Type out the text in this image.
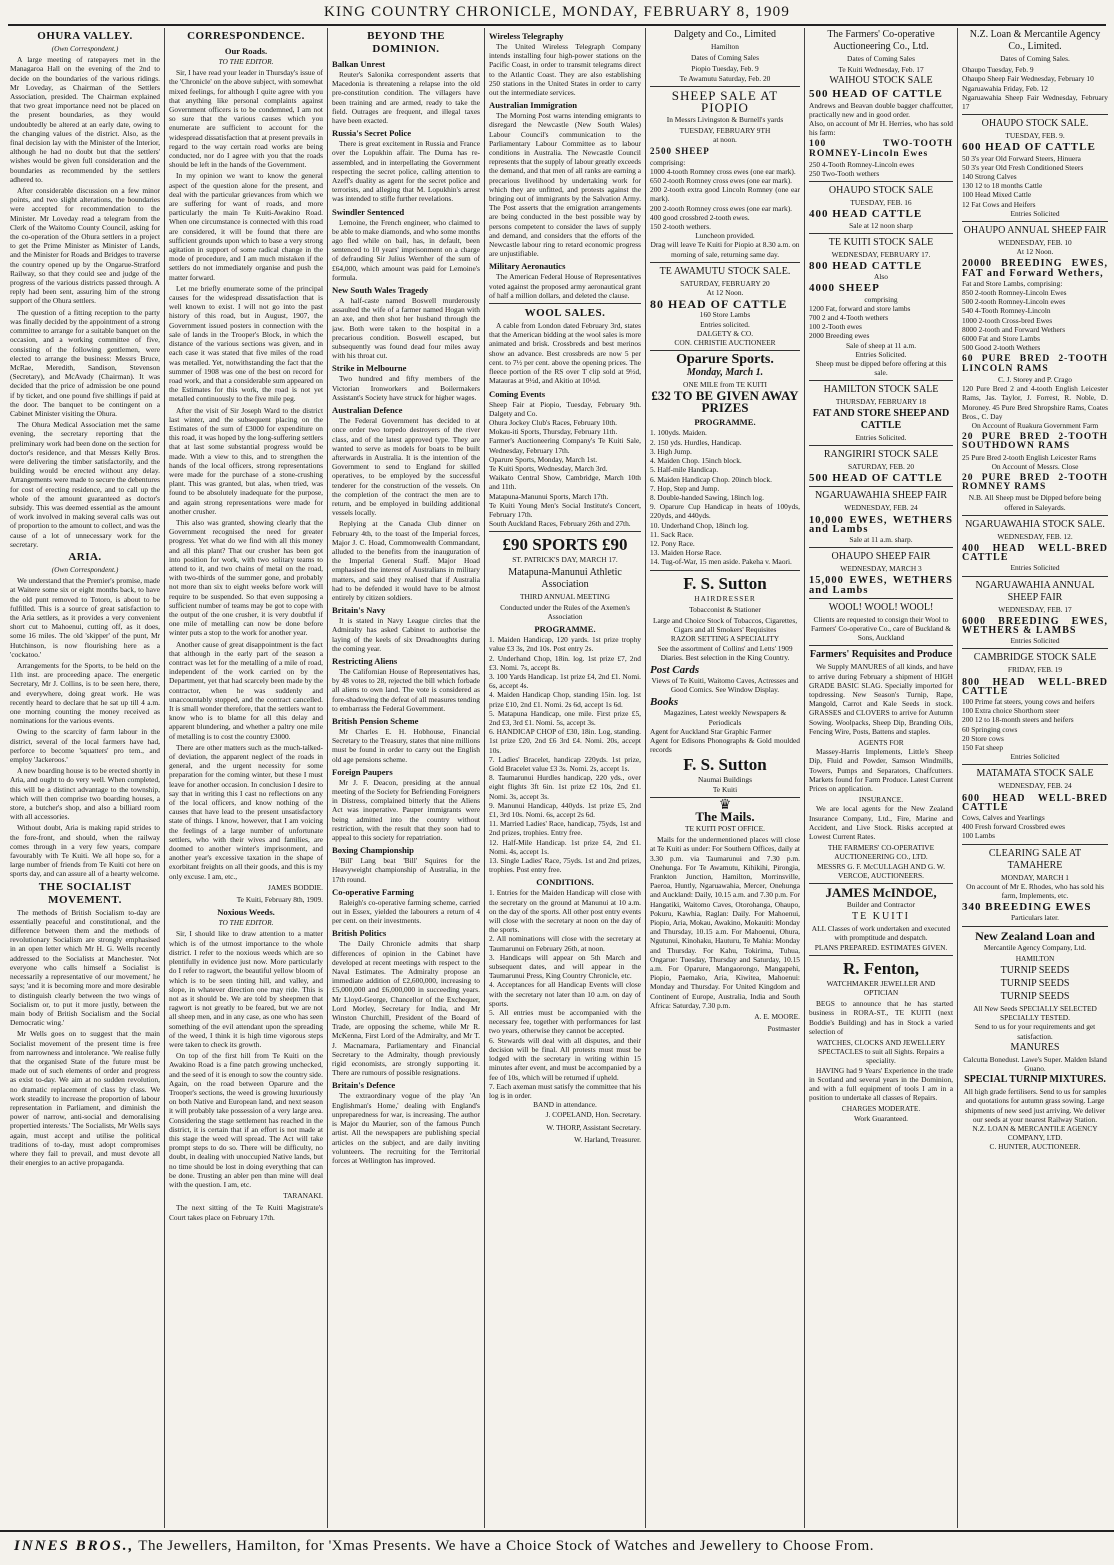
KING COUNTRY CHRONICLE, MONDAY, FEBRUARY 8, 1909
OHURA VALLEY.
(Own Correspondent.)

A large meeting of ratepayers met in the Managaroa Hall on the evening of the 2nd to decide on the boundaries of the various ridings. Mr Loveday, as Chairman of the Settlers Association, presided. The Chairman explained that two great importance need not be placed on the present boundaries, as they would undoubtedly be altered at an early date, owing to the changing values of the district. Also, as the final decision lay with the Minister of the Interior, although he had no doubt but that the settlers' wishes would be given full consideration and the boundaries as recommended by the settlers adhered to.

After considerable discussion on a few minor points, and two slight alterations, the boundaries were accepted for recommendation to the Minister. Mr Loveday read a telegram from the Clerk of the Waitomo County Council, asking for the co-operation of the Ohura settlers in a project to get the Prime Minister as Minister of Lands, and the Minister for Roads and Bridges to traverse the country opened up by the Ongarue-Stratford Railway, so that they could see and judge of the progress of the various districts passed through. A reply had been sent, assuring him of the strong support of the Ohura settlers.

The question of a fitting reception to the party was finally decided by the appointment of a strong committee to arrange for a suitable banquet on the occasion, and a working committee of five, consisting of the following gentlemen, were elected to arrange the business: Messrs Bruce, McRae, Meredith, Sandison, Stevenson (Secretary), and McAvady (Chairman). It was decided that the price of admission be one pound if by ticket, and one pound five shillings if paid at the door. The banquet to be contingent on a Cabinet Minister visiting the Ohura.

The Ohura Medical Association met the same evening, the secretary reporting that the preliminary work had been done on the section for doctor's residence, and that Messrs Kelly Bros. were delivering the timber satisfactorily, and the building would be erected without any delay. Arrangements were made to secure the debentures for cost of erecting residence, and to call up the whole of the amount guaranteed as doctor's subsidy. This was deemed essential as the amount of work involved in making several calls was out of proportion to the amount to collect, and was the cause of a lot of unnecessary work for the secretary.

ARIA.
(Own Correspondent.)

We understand that the Premier's promise, made at Waitere some six or eight months back, to have the old punt removed to Totoro, is about to be fulfilled. This is a source of great satisfaction to the Aria settlers, as it provides a very convenient short cut to Mahoenui, cutting off, as it does, some 16 miles. The old 'skipper' of the punt, Mr Hutchinson, is now flourishing here as a 'cockatoo.'

Arrangements for the Sports, to be held on the 11th inst. are proceeding apace. The energetic Secretary, Mr J. Collins, is to be seen here, there, and everywhere, doing great work. He was recently heard to declare that he sat up till 4 a.m. one morning counting the money received as nominations for the various events.

Owing to the scarcity of farm labour in the district, several of the local farmers have had, perforce to become 'squatters' pro tem., and employ 'Jackeroos.'

A new boarding house is to be erected shortly in Aria, and ought to do very well. When completed, this will be a distinct advantage to the township, which will then comprise two boarding houses, a store, a butcher's shop, and also a billiard room with all accessories.

Without doubt, Aria is making rapid strides to the fore-front, and should, when the railway comes through in a very few years, compare favourably with Te Kuiti. We all hope so, for a large number of friends from Te Kuiti cot here on sports day, and can assure all of a hearty welcome.

THE SOCIALIST MOVEMENT.

The methods of British Socialism to-day are essentially peaceful and constitutional, and the difference between them and the methods of revolutionary Socialism are strongly emphasised in an open letter which Mr H. G. Wells recently addressed to the Socialists at Manchester. 'Not everyone who calls himself a Socialist is necessarily a representative of our movement,' he says; 'and it is becoming more and more desirable to distinguish clearly between the two wings of Socialism or, to put it more justly, between the main body of British Socialism and the Social Democratic wing.'

Mr Wells goes on to suggest that the main Socialist movement of the present time is free from narrowness and intolerance. 'We realise fully that the organised State of the future must be made out of such elements of order and progress as exist to-day. We aim at no sudden revolution, no dramatic replacement of class by class. We work steadily to increase the proportion of labour representation in Parliament, and diminish the power of narrow, anti-social and demoralising propertied interests.' The Socialists, Mr Wells says again, must accept and utilise the political traditions of to-day, must adopt compromises where they fail to prevail, and must devote all their energies to an active propaganda.

CORRESPONDENCE.
Our Roads.
TO THE EDITOR.

Sir, I have read your leader in Thursday's issue of the 'Chronicle' on the above subject, with somewhat mixed feelings, for although I quite agree with you that anything like personal complaints against Government officers is to be condemned, I am not so sure that the various causes which you enumerate are sufficient to account for the widespread dissatisfaction that at present prevails in regard to the way certain road works are being conducted, nor do I agree with you that the roads should be left in the hands of the Government.

In my opinion we want to know the general aspect of the question alone for the present, and deal with the particular grievances from which we are suffering for want of roads, and more particularly the main Te Kuiti-Awakino Road. When one circumstance is connected with this road are considered, it will be found that there are sufficient grounds upon which to base a very strong agitation in support of some radical change in the mode of procedure, and I am much mistaken if the settlers do not immediately organise and push the matter forward.

Let me briefly enumerate some of the principal causes for the widespread dissatisfaction that is well known to exist. I will not go into the past history of this road, but in August, 1907, the Government issued posters in connection with the sale of lands in the Trooper's Block, in which the distance of the various sections was given, and in each case it was stated that five miles of the road was metalled. Yet, notwithstanding the fact that the summer of 1908 was one of the best on record for road work, and that a considerable sum appeared on the Estimates for this work, the road is not yet metalled continuously to the five mile peg.

After the visit of Sir Joseph Ward to the district last winter, and the subsequent placing on the Estimates of the sum of £3000 for expenditure on this road, it was hoped by the long-suffering settlers that at last some substantial progress would be made. With a view to this, and to strengthen the hands of the local officers, strong representations were made for the purchase of a stone-crushing plant. This was granted, but alas, when tried, was found to be absolutely inadequate for the purpose, and again strong representations were made for another crusher.

This also was granted, showing clearly that the Government recognised the need for greater progress. Yet what do we find with all this money and all this plant? That our crusher has been got into position for work, with two solitary teams to attend to it, and two chains of metal on the road, with two-thirds of the summer gone, and probably not more than six to eight weeks before work will require to be suspended. So that even supposing a sufficient number of teams may be got to cope with the output of the one crusher, it is very doubtful if one mile of metalling can now be done before winter puts a stop to the work for another year.

Another cause of great disappointment is the fact that although in the early part of the season a contract was let for the metalling of a mile of road, independent of the work carried on by the Department, yet that had scarcely been made by the contractor, when he was suddenly and unaccountably stopped, and the contract cancelled. It is small wonder therefore, that the settlers want to know who is to blame for all this delay and apparent blundering, and whether a paltry one mile of metalling is to cost the country £3000.

There are other matters such as the much-talked-of deviation, the apparent neglect of the roads in general, and the urgent necessity for some preparation for the coming winter, but these I must leave for another occasion. In conclusion I desire to say that in writing this I cast no reflections on any of the local officers, and know nothing of the causes that have lead to the present unsatisfactory state of things. I know, however, that I am voicing the feelings of a large number of unfortunate settlers, who with their wives and families, are doomed to another winter's imprisonment, and another year's excessive taxation in the shape of exorbitant freights on all their goods, and this is my only excuse. I am, etc.,

JAMES BODDIE.
Te Kuiti, February 8th, 1909.
Noxious Weeds.
TO THE EDITOR.

Sir, I should like to draw attention to a matter which is of the utmost importance to the whole district. I refer to the noxious weeds which are so plentifully in evidence just now. More particularly do I refer to ragwort, the beautiful yellow bloom of which is to be seen tinting hill, and valley, and slope, in whatever direction one may ride. This is not as it should be. We are told by sheepmen that ragwort is not greatly to be feared, but we are not all sheep men, and in any case, as one who has seen something of the evil attendant upon the spreading of the weed, I think it is high time vigorous steps were taken to check its growth.

On top of the first hill from Te Kuiti on the Awakino Road is a fine patch growing unchecked, and the seed of it is enough to sow the country side. Again, on the road between Oparure and the Trooper's sections, the weed is growing luxuriously on both Native and European land, and next season it will probably take possession of a very large area. Considering the stage settlement has reached in the district, it is certain that if an effort is not made at this stage the weed will spread. The Act will take prompt steps to do so. There will be difficulty, no doubt, in dealing with unoccupied Native lands, but no time should be lost in doing everything that can be done. Trusting an abler pen than mine will deal with the question. I am, etc.

TARANAKI.

The next sitting of the Te Kuiti Magistrate's Court takes place on February 17th.

BEYOND THE DOMINION.
Balkan Unrest

Reuter's Salonika correspondent asserts that Macedonia is threatening a relapse into the old pre-constitution condition. The villagers have been training and are armed, ready to take the field. Outrages are frequent, and illegal taxes have been exacted.

Russia's Secret Police

There is great excitement in Russia and France over the Lopukhin affair. The Duma has re-assembled, and in interpellating the Government respecting the secret police, calling attention to Azeff's duality as agent for the secret police and terrorists, and alleging that M. Lopukhin's arrest was intended to stifle further revelations.

Swindler Sentenced

Lemoine, the French engineer, who claimed to be able to make diamonds, and who some months ago fled while on bail, has, in default, been sentenced to 10 years' imprisonment on a charge of defrauding Sir Julius Wernher of the sum of £64,000, which amount was paid for Lemoine's formula.

New South Wales Tragedy

A half-caste named Boswell murderously assaulted the wife of a farmer named Hogan with an axe, and then shot her husband through the jaw. Both were taken to the hospital in a precarious condition. Boswell escaped, but subsequently was found dead four miles away with his throat cut.

Strike in Melbourne

Two hundred and fifty members of the Victorian Ironworkers and Boilermakers Assistant's Society have struck for higher wages.

Australian Defence

The Federal Government has decided to at once order two torpedo destroyers of the river class, and of the latest approved type. They are wanted to serve as models for boats to be built afterwards in Australia. It is the intention of the Government to send to England for skilled operatives, to be employed by the successful tenderer for the construction of the vessels. On the completion of the contract the men are to return, and be employed in building additional vessels locally.

Replying at the Canada Club dinner on February 4th, to the toast of the Imperial forces, Major J. C. Hoad, Commonwealth Commandant, alluded to the benefits from the inauguration of the Imperial General Staff. Major Hoad emphasised the interest of Australians in military matters, and said they realised that if Australia had to be defended it would have to be almost entirely by citizen soldiers.

Britain's Navy

It is stated in Navy League circles that the Admiralty has asked Cabinet to authorise the laying of the keels of six Dreadnoughts during the coming year.

Restricting Aliens

The Californian House of Representatives has, by 48 votes to 28, rejected the bill which forbade all aliens to own land. The vote is considered as fore-shadowing the defeat of all measures tending to embarrass the Federal Government.

British Pension Scheme

Mr Charles E. H. Hobhouse, Financial Secretary to the Treasury, states that nine millions must be found in order to carry out the English old age pensions scheme.

Foreign Paupers

Mr J. F. Deacon, presiding at the annual meeting of the Society for Befriending Foreigners in Distress, complained bitterly that the Aliens Act was inoperative. Pauper immigrants were being admitted into the country without restriction, with the result that they soon had to appeal to this society for repatriation.

Boxing Championship

'Bill' Lang beat 'Bill' Squires for the Heavyweight championship of Australia, in the 17th round.

Co-operative Farming

Raleigh's co-operative farming scheme, carried out in Essex, yielded the labourers a return of 4 per cent. on their investments.

British Politics

The Daily Chronicle admits that sharp differences of opinion in the Cabinet have developed at recent meetings with respect to the Naval Estimates. The Admiralty propose an immediate addition of £2,600,000, increasing to £5,000,000 and £6,000,000 in succeeding years. Mr Lloyd-George, Chancellor of the Exchequer, Lord Morley, Secretary for India, and Mr Winston Churchill, President of the Board of Trade, are opposing the scheme, while Mr R. McKenna, First Lord of the Admiralty, and Mr T. J. Macnamara, Parliamentary and Financial Secretary to the Admiralty, though previously rigid economists, are strongly supporting it. There are rumours of possible resignations.

Britain's Defence

The extraordinary vogue of the play 'An Englishman's Home,' dealing with England's unpreparedness for war, is increasing. The author is Major du Maurier, son of the famous Punch artist. All the newspapers are publishing special articles on the subject, and are daily inviting volunteers. The recruiting for the Territorial forces at Wellington has improved.

Wireless Telegraphy

The United Wireless Telegraph Company intends installing four high-power stations on the Pacific Coast, in order to transmit telegrams direct to the Atlantic Coast. They are also establishing 250 stations in the United States in order to carry out the intermediate services.

Australian Immigration

The Morning Post warns intending emigrants to disregard the Newcastle (New South Wales) Labour Council's communication to the Parliamentary Labour Committee as to labour conditions in Australia. The Newcastle Council represents that the supply of labour greatly exceeds the demand, and that men of all ranks are earning a precarious livelihood by undertaking work for which they are unfitted, and protests against the bringing out of immigrants by the Salvation Army. The Post asserts that the emigration arrangements are being conducted in the best possible way by persons competent to consider the laws of supply and demand, and considers that the efforts of the Newcastle labour ring to retard economic progress are unjustifiable.

Military Aeronautics

The American Federal House of Representatives voted against the proposed army aeronautical grant of half a million dollars, and deleted the clause.

WOOL SALES.

A cable from London dated February 3rd, states that the American bidding at the wool sales is more animated and brisk. Crossbreds and best merinos show an advance. Best crossbreds are now 5 per cent. to 7½ per cent. above the opening prices. The fleece portion of the RS over T clip sold at 9½d, Matauras at 9½d, and Akitio at 10½d.

Coming Events
Sheep Fair at Piopio, Tuesday, February 9th. Dalgety and Co.
Ohura Jockey Club's Races, February 10th.
Mokau-iti Sports, Thursday, February 11th.
Farmer's Auctioneering Company's Te Kuiti Sale, Wednesday, February 17th.
Oparure Sports, Monday, March 1st.
Te Kuiti Sports, Wednesday, March 3rd.
Waikato Central Show, Cambridge, March 10th and 11th.
Matapuna-Manunui Sports, March 17th.
Te Kuiti Young Men's Social Institute's Concert, February 17th.
South Auckland Races, February 26th and 27th.
£90 SPORTS £90
ST. PATRICK'S DAY, MARCH 17.
Matapuna-Manunui Athletic Association
THIRD ANNUAL MEETING
Conducted under the Rules of the Axemen's Association
PROGRAMME.
1. Maiden Handicap, 120 yards. 1st prize trophy value £3 3s, 2nd 10s. Post entry 2s.
2. Underhand Chop, 18in. log. 1st prize £7, 2nd £3. Nomi. 7s, accept 8s.
3. 100 Yards Handicap. 1st prize £4, 2nd £1. Nomi. 6s, accept 4s.
4. Maiden Handicap Chop, standing 15in. log. 1st prize £10, 2nd £1. Nomi. 2s 6d, accept 1s 6d.
5. Matapuna Handicap, one mile. First prize £5, 2nd £3, 3rd £1. Nomi. 5s, accept 3s.
6. HANDICAP CHOP of £30, 18in. Log, standing. 1st prize £20, 2nd £6 3rd £4. Nomi. 20s, accept 10s.
7. Ladies' Bracelet, handicap 220yds. 1st prize, Gold Bracelet value £3 3s. Nomi. 2s, accept 1s.
8. Taumarunui Hurdles handicap, 220 yds., over eight flights 3ft 6in. 1st prize £2 10s, 2nd £1. Nomi. 3s, accept 3s.
9. Manunui Handicap, 440yds. 1st prize £5, 2nd £1, 3rd 10s. Nomi. 6s, accept 2s 6d.
11. Married Ladies' Race, handicap, 75yds, 1st and 2nd prizes, trophies. Entry free.
12. Half-Mile Handicap. 1st prize £4, 2nd £1. Nomi. 4s, accept 1s.
13. Single Ladies' Race, 75yds. 1st and 2nd prizes, trophies. Post entry free.
CONDITIONS.
1. Entries for the Maiden Handicap will close with the secretary on the ground at Manunui at 10 a.m. on the day of the sports. All other post entry events will close with the secretary at noon on the day of the sports.
2. All nominations will close with the secretary at Taumarunui on February 26th, at noon.
3. Handicaps will appear on 5th March and subsequent dates, and will appear in the Taumarunui Press, King Country Chronicle, etc.
4. Acceptances for all Handicap Events will close with the secretary not later than 10 a.m. on day of sports.
5. All entries must be accompanied with the necessary fee, together with performances for last two years, otherwise they cannot be accepted.
6. Stewards will deal with all disputes, and their decision will be final. All protests must must be lodged with the secretary in writing within 15 minutes after event, and must be accompanied by a fee of 10s, which will be returned if upheld.
7. Each axeman must satisfy the committee that his log is in order.
BAND in attendance.
J. COPELAND, Hon. Secretary.
W. THORP, Assistant Secretary.
W. Harland, Treasurer.
Dalgety and Co., Limited
Hamilton
Dates of Coming Sales
Piopio Tuesday, Feb. 9
Te Awamutu Saturday, Feb. 20
SHEEP SALE AT PIOPIO
In Messrs Livingston & Burnell's yards
TUESDAY, FEBRUARY 9TH
at noon.
2500 SHEEP
comprising:
1000 4-tooth Romney cross ewes (one ear mark).
650 2-tooth Romney cross ewes (one ear mark).
200 2-tooth extra good Lincoln Romney (one ear mark).
200 2-tooth Romney cross ewes (one ear mark).
400 good crossbred 2-tooth ewes.
150 2-tooth wethers.
Luncheon provided.
Drag will leave Te Kuiti for Piopio at 8.30 a.m. on morning of sale, returning same day.
TE AWAMUTU STOCK SALE.
SATURDAY, FEBRUARY 20
At 12 Noon.
80 HEAD OF CATTLE
160 Store Lambs
Entries solicited.
DALGETY & CO.
CON. CHRISTIE AUCTIONEER
Oparure Sports.
Monday, March 1.
ONE MILE from TE KUITI
£32 TO BE GIVEN AWAY PRIZES
PROGRAMME.
1. 100yds. Maiden.
2. 150 yds. Hurdles, Handicap.
3. High Jump.
4. Maiden Chop. 15inch block.
5. Half-mile Handicap.
6. Maiden Handicap Chop. 20inch block.
7. Hop, Step and Jump.
8. Double-handed Sawing, 18inch log.
9. Oparure Cup Handicap in heats of 100yds, 220yds, and 440yds.
10. Underhand Chop, 18inch log.
11. Sack Race.
12. Pony Race.
13. Maiden Horse Race.
14. Tug-of-War, 15 men aside. Pakeha v. Maori.
F. S. Sutton
HAIRDRESSER
Tobacconist & Stationer
Large and Choice Stock of Tobaccos, Cigarettes, Cigars and all Smokers' Requisites
RAZOR SETTING A SPECIALITY
See the assortment of Collins' and Letts' 1909 Diaries. Best selection in the King Country.
Post Cards
Views of Te Kuiti, Waitomo Caves, Actresses and Good Comics. See Window Display.
Books
Magazines, Latest weekly Newspapers & Periodicals
Agent for Auckland Star Graphic Farmer
Agent for Edisons Phonographs & Gold moulded records
F. S. Sutton
Naumai Buildings
Te Kuiti
♛
The Mails.
TE KUITI POST OFFICE.

Mails for the undermentioned places will close at Te Kuiti as under: For Southern Offices, daily at 3.30 p.m. via Taumarunui and 7.30 p.m. Onehunga. For Te Awamutu, Kihikihi, Pirongia, Frankton Junction, Hamilton, Morrinsville, Paeroa, Huntly, Ngaruawahia, Mercer, Onehunga and Auckland: Daily, 10.15 a.m. and 7.30 p.m. For Hangatiki, Waitomo Caves, Otorohanga, Ohaupo, Pokuru, Kawhia, Raglan: Daily. For Mahoenui, Piopio, Aria, Mokau, Awakino, Mokauiti: Monday and Thursday, 10.15 a.m. For Mahoenui, Ohura, Ngutunui, Kinohaku, Hauturu, Te Mahia: Monday and Thursday. For Kahu, Tokirima, Tuhua, Ongarue: Tuesday, Thursday and Saturday, 10.15 a.m. For Oparure, Mangaorongo, Mangapehi, Piopio, Paemako, Aria, Kiwitea, Mahoenui: Monday and Thursday. For United Kingdom and Continent of Europe, Australia, India and South Africa: Saturday, 7.30 p.m.

A. E. MOORE.
Postmaster
The Farmers' Co-operative Auctioneering Co., Ltd.
Dates of Coming Sales
Te Kuiti Wednesday, Feb. 17
WAIHOU STOCK SALE
500 HEAD OF CATTLE
Andrews and Beavan double bagger chaffcutter, practically new and in good order.
Also, on account of Mr H. Herries, who has sold his farm:
100 TWO-TOOTH ROMNEY-Lincoln Ewes
250 4-Tooth Romney-Lincoln ewes
250 Two-Tooth wethers
OHAUPO STOCK SALE
TUESDAY, FEB. 16
400 HEAD CATTLE
Sale at 12 noon sharp
TE KUITI STOCK SALE
WEDNESDAY, FEBRUARY 17.
800 HEAD CATTLE
Also
4000 SHEEP
comprising
1200 Fat, forward and store lambs
700 2 and 4-Tooth wethers
100 2-Tooth ewes
2000 Breeding ewes
Sale of sheep at 11 a.m.
Entries Solicited.
Sheep must be dipped before offering at this sale.
HAMILTON STOCK SALE
THURSDAY, FEBRUARY 18
FAT AND STORE SHEEP AND CATTLE
Entries Solicited.
RANGIRIRI STOCK SALE
SATURDAY, FEB. 20
500 HEAD OF CATTLE
NGARUAWAHIA SHEEP FAIR
WEDNESDAY, FEB. 24
10,000 EWES, WETHERS and Lambs
Sale at 11 a.m. sharp.
OHAUPO SHEEP FAIR
WEDNESDAY, MARCH 3
15,000 EWES, WETHERS and Lambs
WOOL! WOOL! WOOL!
Clients are requested to consign their Wool to Farmers' Co-operative Co., care of Buckland & Sons, Auckland
Farmers' Requisites and Produce

We Supply MANURES of all kinds, and have to arrive during February a shipment of HIGH GRADE BASIC SLAG. Specially imported for topdressing. New Season's Turnip, Rape, Mangold, Carrot and Kale Seeds in stock. GRASSES and CLOVERS to arrive for Autumn Sowing. Woolpacks, Sheep Dip, Branding Oils, Fencing Wire, Posts, Battens and staples.

AGENTS FOR

Massey-Harris Implements, Little's Sheep Dip, Fluid and Powder, Samson Windmills, Towers, Pumps and Separators, Chaffcutters. Markets found for Farm Produce. Latest Current Prices on application.

INSURANCE.

We are local agents for the New Zealand Insurance Company, Ltd., Fire, Marine and Accident, and Live Stock. Risks accepted at Lowest Current Rates.

THE FARMERS' CO-OPERATIVE AUCTIONEERING CO., LTD.
MESSRS G. F. McCULLAGH AND G. W. VERCOE, AUCTIONEERS.
JAMES McINDOE,
Builder and Contractor
TE KUITI
ALL Classes of work undertaken and executed with promptitude and despatch.
PLANS PREPARED. ESTIMATES GIVEN.
R. Fenton,
WATCHMAKER JEWELLER AND OPTICIAN

BEGS to announce that he has started business in RORA-ST., TE KUITI (next Boddie's Building) and has in Stock a varied selection of

WATCHES, CLOCKS AND JEWELLERY
SPECTACLES to suit all Sights. Repairs a speciality.

HAVING had 9 Years' Experience in the trade in Scotland and several years in the Dominion, and with a full equipment of tools I am in a position to undertake all classes of Repairs.

CHARGES MODERATE.
Work Guaranteed.
N.Z. Loan & Mercantile Agency Co., Limited.
Dates of Coming Sales.
Ohaupo Tuesday, Feb. 9
Ohaupo Sheep Fair Wednesday, February 10
Ngaruawahia Friday, Feb. 12
Ngaruawahia Sheep Fair Wednesday, February 17
OHAUPO STOCK SALE.
TUESDAY, FEB. 9.
600 HEAD OF CATTLE
50 3's year Old Forward Steers, Hinuera
50 3's year Old Fresh Conditioned Steers
140 Strong Calves
130 12 to 18 months Cattle
100 Head Mixed Cattle
12 Fat Cows and Heifers
Entries Solicited
OHAUPO ANNUAL SHEEP FAIR
WEDNESDAY, FEB. 10
At 12 Noon.
20000 BREEDING EWES, FAT and Forward Wethers,
Fat and Store Lambs, comprising:
850 2-tooth Romney-Lincoln Ewes
500 2-tooth Romney-Lincoln ewes
540 4-Tooth Romney-Lincoln
1000 2-tooth Cross-bred Ewes
8000 2-tooth and Forward Wethers
6000 Fat and Store Lambs
500 Good 2-tooth Wethers
60 PURE BRED 2-TOOTH LINCOLN RAMS
C. J. Storey and P. Crago
120 Pure Bred 2 and 4-tooth English Leicester Rams, Jas. Taylor, J. Forrest, R. Noble, D. Moroney. 45 Pure Bred Shropshire Rams, Coates Bros., C. Day
On Account of Ruakura Government Farm
20 PURE BRED 2-TOOTH SOUTHDOWN RAMS
25 Pure Bred 2-tooth English Leicester Rams
On Account of Messrs. Close
20 PURE BRED 2-TOOTH ROMNEY RAMS
N.B. All Sheep must be Dipped before being offered in Saleyards.
NGARUAWAHIA STOCK SALE.
WEDNESDAY, FEB. 12.
400 HEAD WELL-BRED CATTLE
Entries Solicited
NGARUAWAHIA ANNUAL SHEEP FAIR
WEDNESDAY, FEB. 17
6000 BREEDING EWES, WETHERS & LAMBS
Entries Solicited
CAMBRIDGE STOCK SALE
FRIDAY, FEB. 19
800 HEAD WELL-BRED CATTLE
100 Prime fat steers, young cows and heifers
100 Extra choice Shorthorn steer
200 12 to 18-month steers and heifers
60 Springing cows
20 Store cows
150 Fat sheep
Entries Solicited
MATAMATA STOCK SALE
WEDNESDAY, FEB. 24
600 HEAD WELL-BRED CATTLE
Cows, Calves and Yearlings
400 Fresh forward Crossbred ewes
100 Lambs
CLEARING SALE AT TAMAHERE
MONDAY, MARCH 1
On account of Mr E. Rhodes, who has sold his farm, Implements, etc.
340 BREEDING EWES
Particulars later.
New Zealand Loan and
Mercantile Agency Company, Ltd.
HAMILTON
TURNIP SEEDS
TURNIP SEEDS
TURNIP SEEDS
All New Seeds SPECIALLY SELECTED SPECIALLY TESTED.
Send to us for your requirements and get satisfaction.
MANURES
Calcutta Bonedust. Lawe's Super. Malden Island Guano.
SPECIAL TURNIP MIXTURES.
All high grade fertilisers. Send to us for samples and quotations for autumn grass sowing. Large shipments of new seed just arriving. We deliver our seeds at your nearest Railway Station.
N.Z. LOAN & MERCANTILE AGENCY COMPANY, LTD.
C. HUNTER, AUCTIONEER.
INNES BROS., The Jewellers, Hamilton, for 'Xmas Presents. We have a Choice Stock of Watches and Jewellery to Choose From.
